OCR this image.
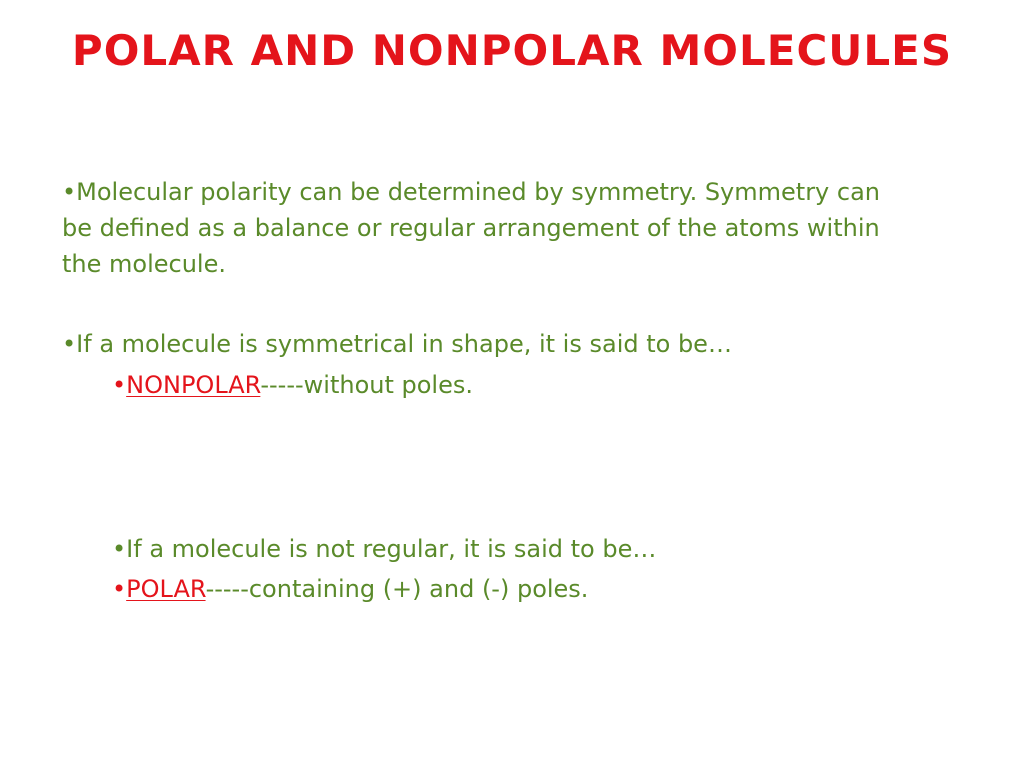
POLAR AND NONPOLAR MOLECULES
•Molecular polarity can be determined by symmetry. Symmetry can
be defined as a balance or regular arrangement of the atoms within
the molecule.
•If a molecule is symmetrical in shape, it is said to be…
•NONPOLAR-----without poles.
•If a molecule is not regular, it is said to be…
•POLAR-----containing (+) and (-) poles.
